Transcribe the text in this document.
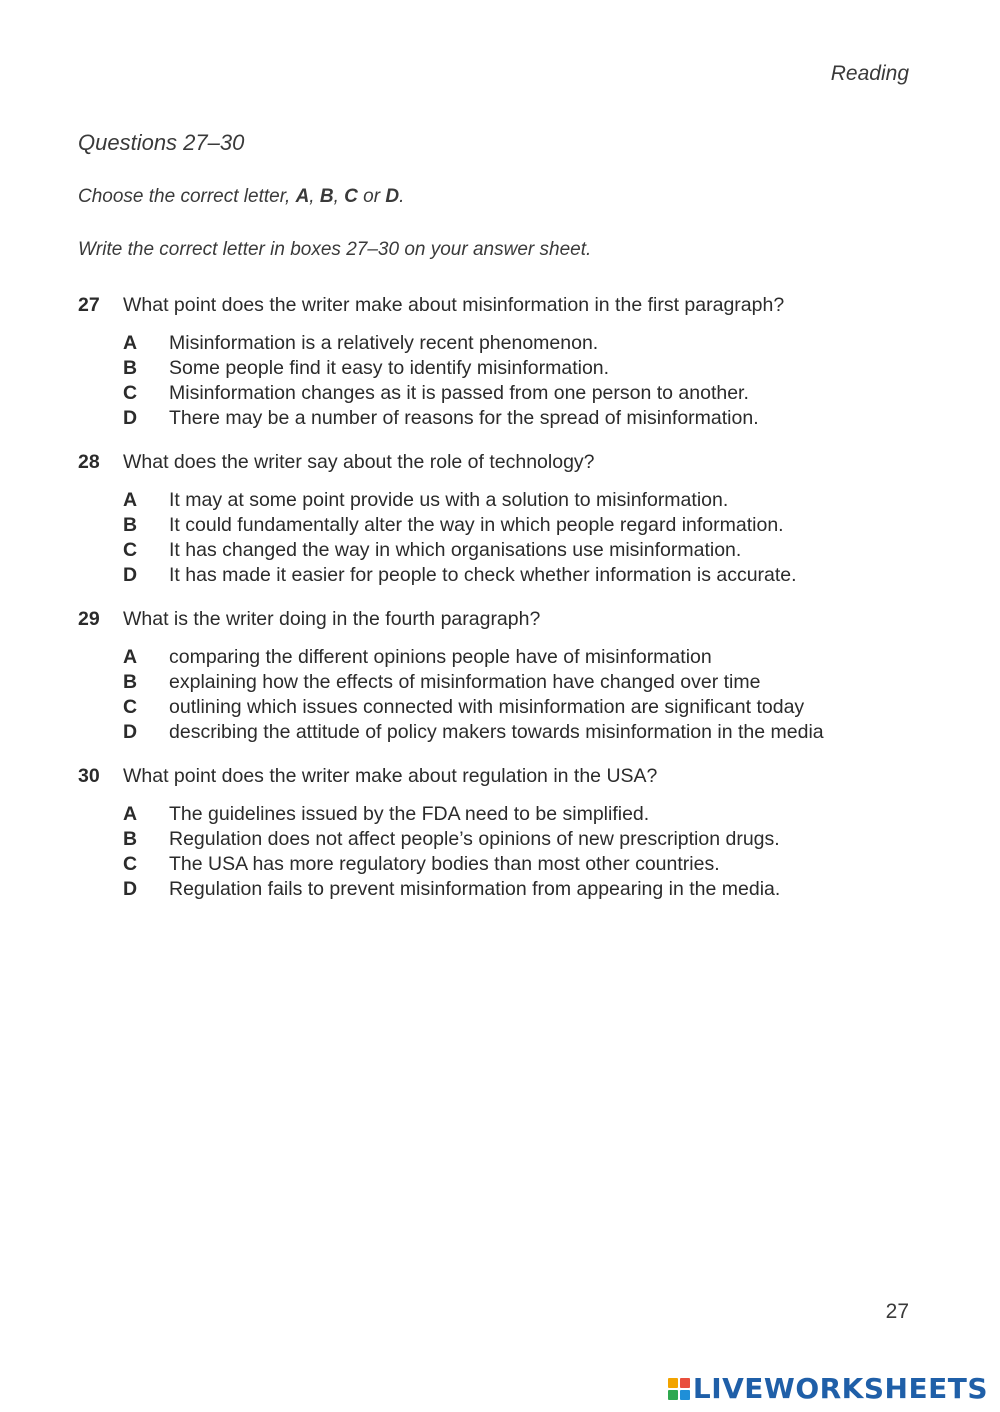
Reading
Questions 27–30
Choose the correct letter, A, B, C or D.
Write the correct letter in boxes 27–30 on your answer sheet.
27	What point does the writer make about misinformation in the first paragraph?
A	Misinformation is a relatively recent phenomenon.
B	Some people find it easy to identify misinformation.
C	Misinformation changes as it is passed from one person to another.
D	There may be a number of reasons for the spread of misinformation.
28	What does the writer say about the role of technology?
A	It may at some point provide us with a solution to misinformation.
B	It could fundamentally alter the way in which people regard information.
C	It has changed the way in which organisations use misinformation.
D	It has made it easier for people to check whether information is accurate.
29	What is the writer doing in the fourth paragraph?
A	comparing the different opinions people have of misinformation
B	explaining how the effects of misinformation have changed over time
C	outlining which issues connected with misinformation are significant today
D	describing the attitude of policy makers towards misinformation in the media
30	What point does the writer make about regulation in the USA?
A	The guidelines issued by the FDA need to be simplified.
B	Regulation does not affect people’s opinions of new prescription drugs.
C	The USA has more regulatory bodies than most other countries.
D	Regulation fails to prevent misinformation from appearing in the media.
27
LIVEWORKSHEETS
